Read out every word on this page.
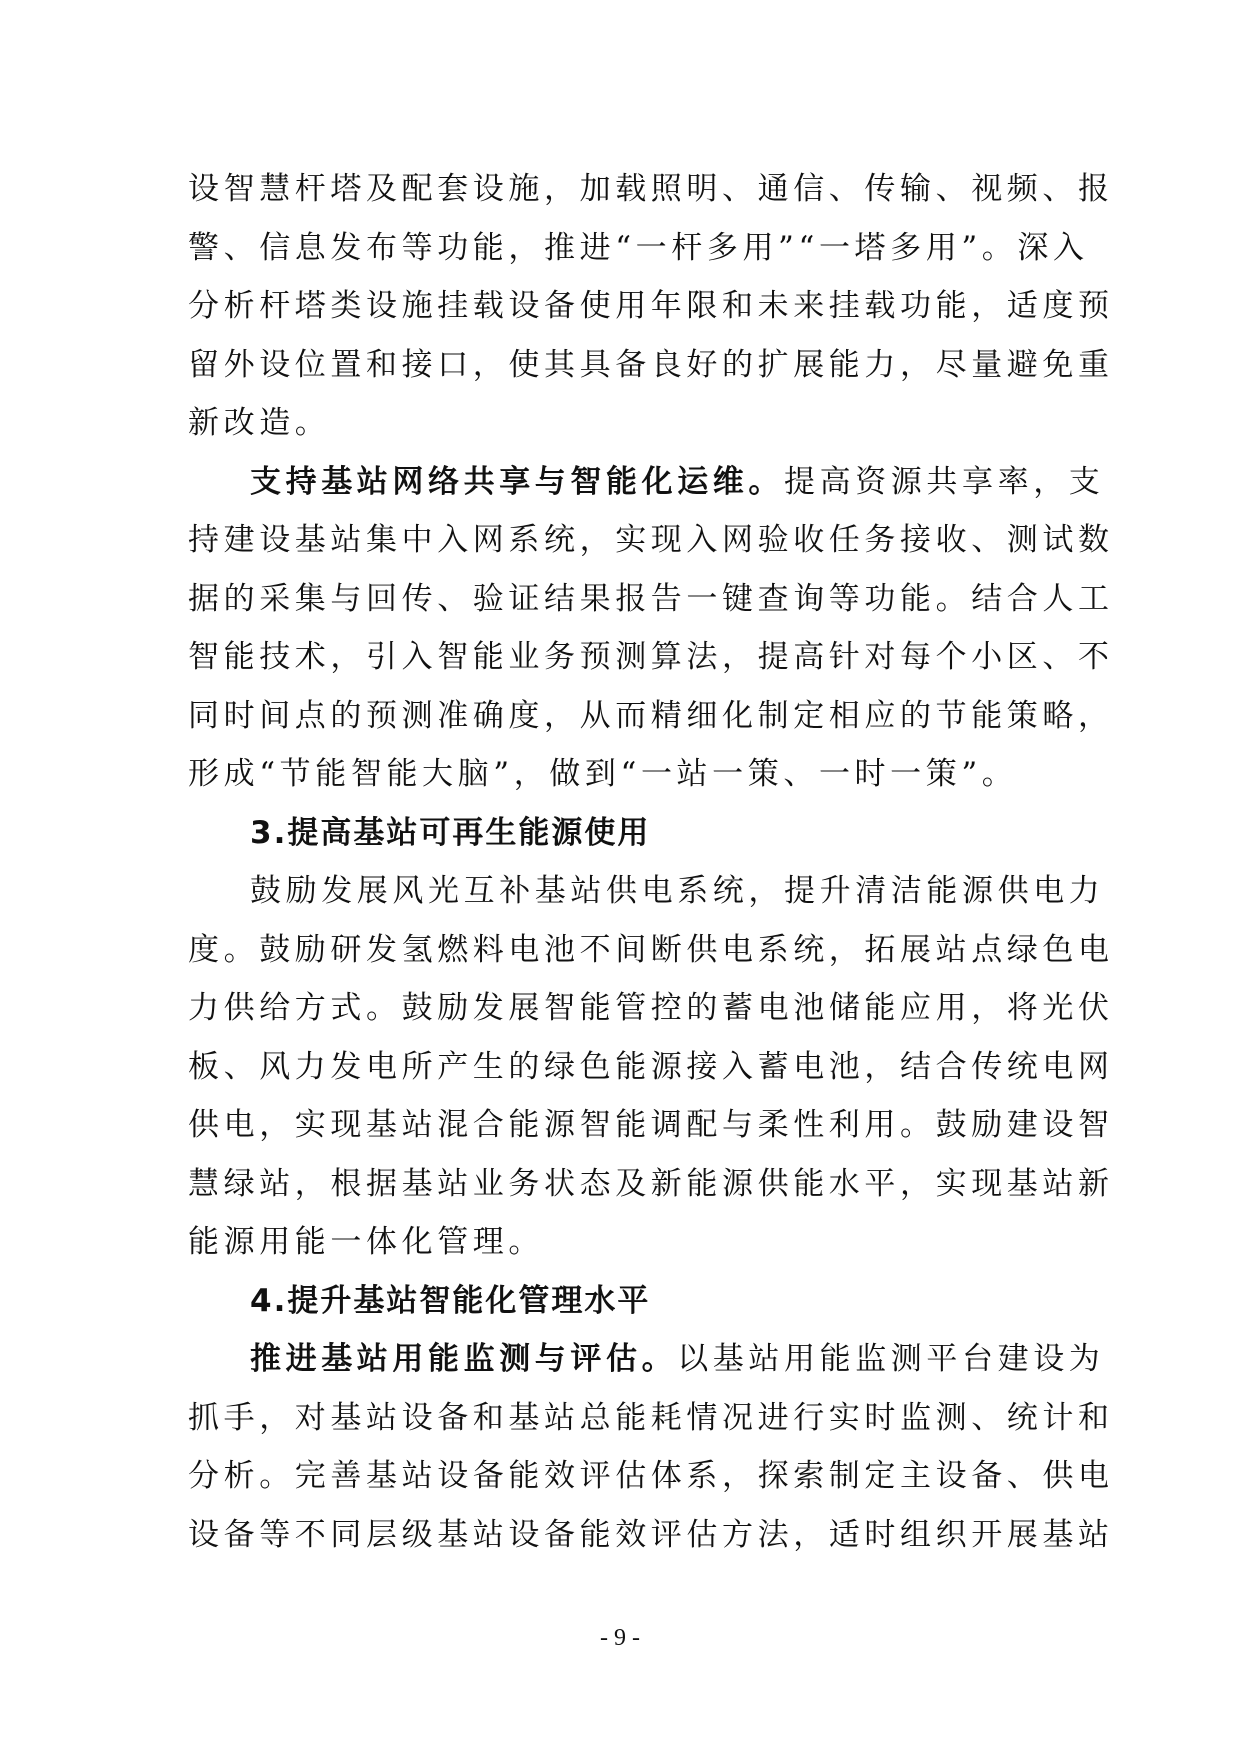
设智慧杆塔及配套设施，加载照明、通信、传输、视频、报
警、信息发布等功能，推进“一杆多用”“一塔多用”。深入
分析杆塔类设施挂载设备使用年限和未来挂载功能，适度预
留外设位置和接口，使其具备良好的扩展能力，尽量避免重
新改造。
支持基站网络共享与智能化运维。提高资源共享率，支
持建设基站集中入网系统，实现入网验收任务接收、测试数
据的采集与回传、验证结果报告一键查询等功能。结合人工
智能技术，引入智能业务预测算法，提高针对每个小区、不
同时间点的预测准确度，从而精细化制定相应的节能策略，
形成“节能智能大脑”，做到“一站一策、一时一策”。
3.提高基站可再生能源使用
鼓励发展风光互补基站供电系统，提升清洁能源供电力
度。鼓励研发氢燃料电池不间断供电系统，拓展站点绿色电
力供给方式。鼓励发展智能管控的蓄电池储能应用，将光伏
板、风力发电所产生的绿色能源接入蓄电池，结合传统电网
供电，实现基站混合能源智能调配与柔性利用。鼓励建设智
慧绿站，根据基站业务状态及新能源供能水平，实现基站新
能源用能一体化管理。
4.提升基站智能化管理水平
推进基站用能监测与评估。以基站用能监测平台建设为
抓手，对基站设备和基站总能耗情况进行实时监测、统计和
分析。完善基站设备能效评估体系，探索制定主设备、供电
设备等不同层级基站设备能效评估方法，适时组织开展基站
- 9 -
